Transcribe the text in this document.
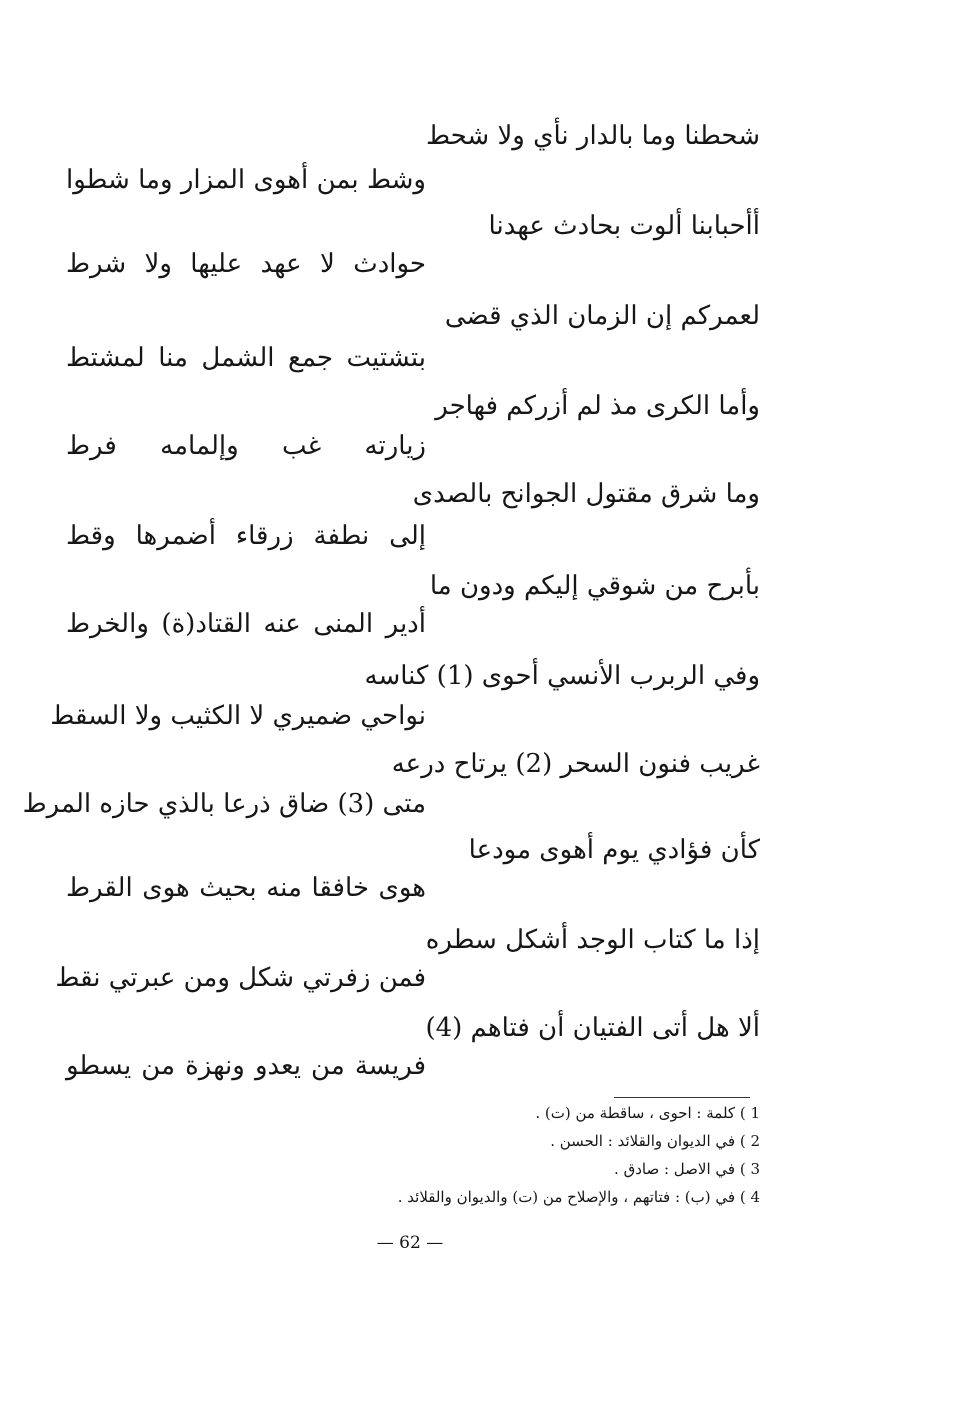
شحطنا وما بالدار نأي ولا شحط
وشط بمن أهوى المزار وما شطوا
أأحبابنا ألوت بحادث عهدنا
حوادث لا عهد عليها ولا شرط
لعمركم إن الزمان الذي قضى
بتشتيت جمع الشمل منا لمشتط
وأما الكرى مذ لم أزركم فهاجر
زيارته غب وإلمامه فرط
وما شرق مقتول الجوانح بالصدى
إلى نطفة زرقاء أضمرها وقط
بأبرح من شوقي إليكم ودون ما
أدير المنى عنه القتاد(ة) والخرط
وفي الربرب الأنسي أحوى (1) كناسه
نواحي ضميري لا الكثيب ولا السقط
غريب فنون السحر (2) يرتاح درعه
متى (3) ضاق ذرعا بالذي حازه المرط
كأن فؤادي يوم أهوى مودعا
هوى خافقا منه بحيث هوى القرط
إذا ما كتاب الوجد أشكل سطره
فمن زفرتي شكل ومن عبرتي نقط
ألا هل أتى الفتيان أن فتاهم (4)
فريسة من يعدو ونهزة من يسطو
1 ) كلمة : احوى ، ساقطة من (ت) .
2 ) في الديوان والقلائد : الحسن .
3 ) في الاصل : صادق .
4 ) في (ب) : فتاتهم ، والإصلاح من (ت) والديوان والقلائد .
— 62 —
